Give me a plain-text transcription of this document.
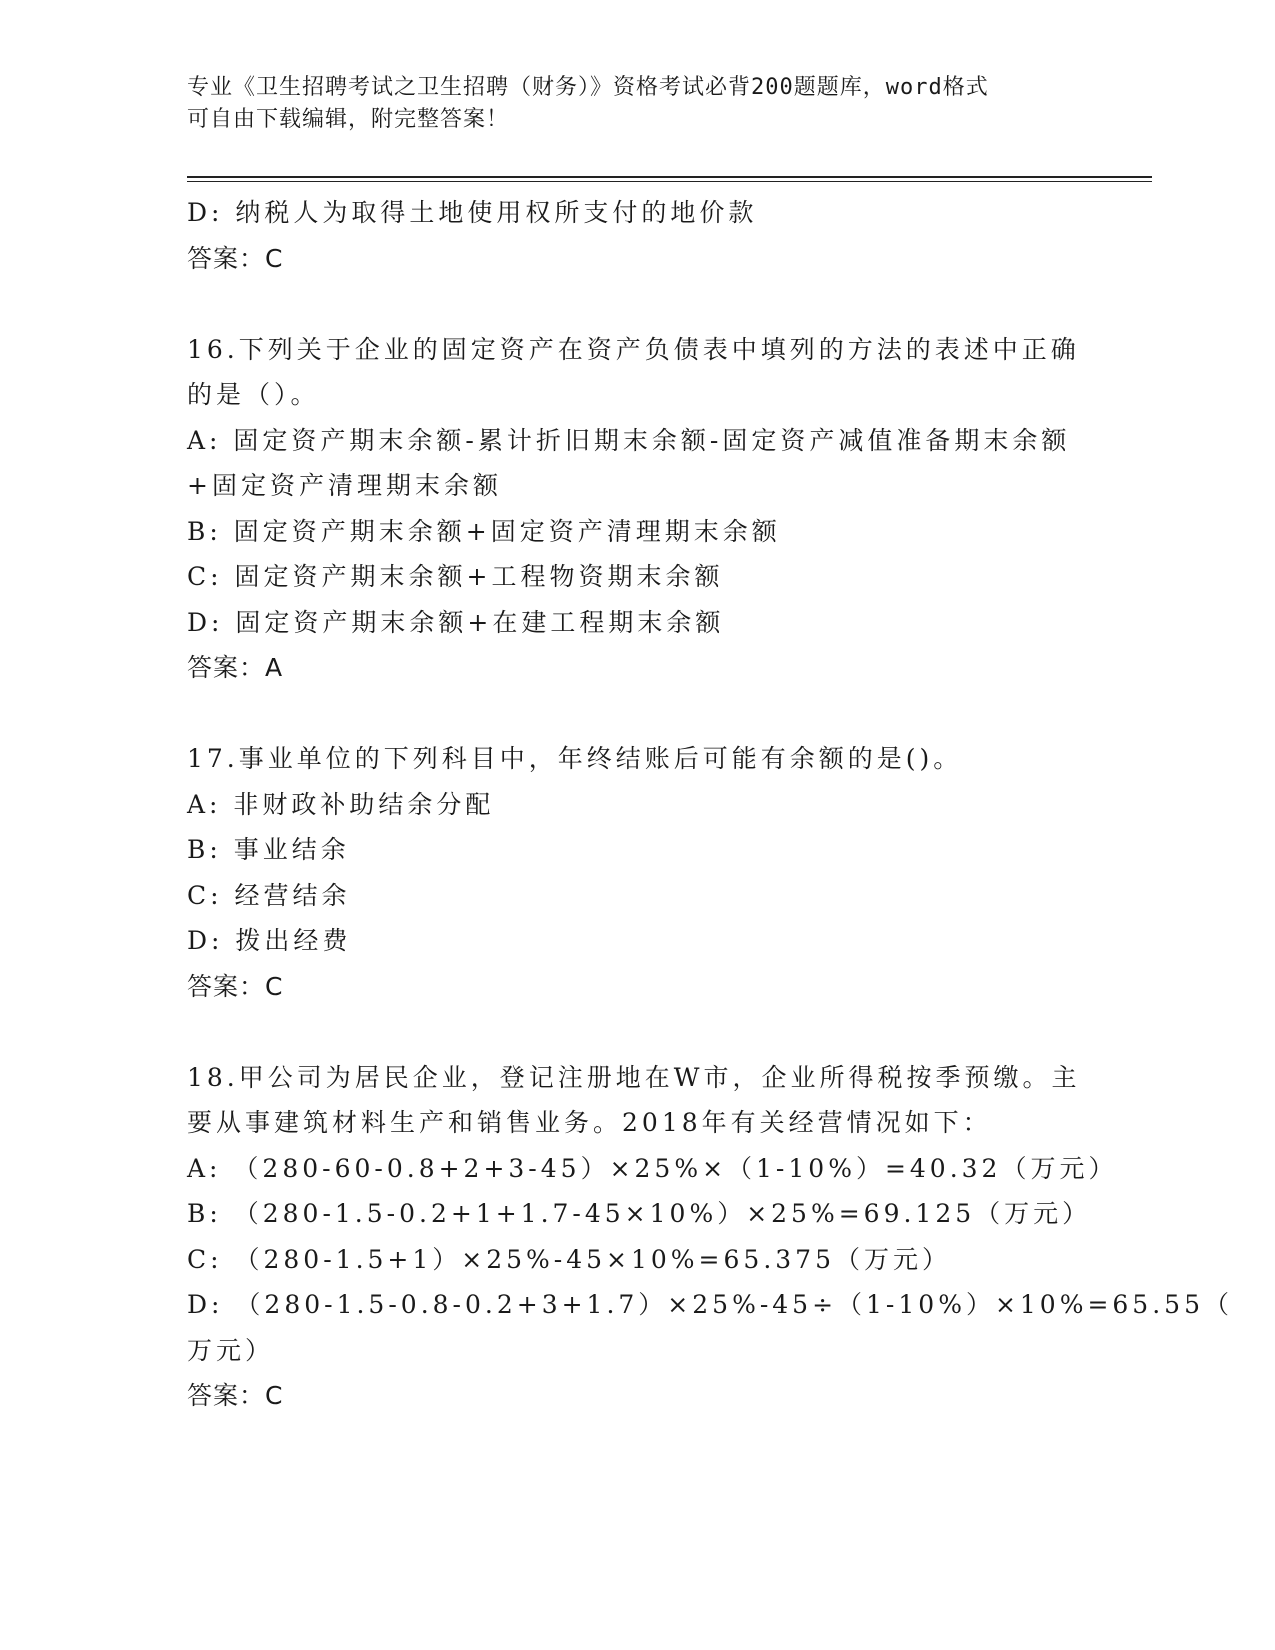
专业《卫生招聘考试之卫生招聘（财务）》资格考试必背200题题库，word格式
可自由下载编辑，附完整答案！
D: 纳税人为取得土地使用权所支付的地价款
答案：C
16.下列关于企业的固定资产在资产负债表中填列的方法的表述中正确
的是（）。
A: 固定资产期末余额-累计折旧期末余额-固定资产减值准备期末余额
+固定资产清理期末余额
B: 固定资产期末余额+固定资产清理期末余额
C: 固定资产期末余额+工程物资期末余额
D: 固定资产期末余额+在建工程期末余额
答案：A
17.事业单位的下列科目中，年终结账后可能有余额的是()。
A: 非财政补助结余分配
B: 事业结余
C: 经营结余
D: 拨出经费
答案：C
18.甲公司为居民企业，登记注册地在W市，企业所得税按季预缴。主
要从事建筑材料生产和销售业务。2018年有关经营情况如下：
A: （280-60-0.8+2+3-45）×25%×（1-10%）=40.32（万元）
B: （280-1.5-0.2+1+1.7-45×10%）×25%=69.125（万元）
C: （280-1.5+1）×25%-45×10%=65.375（万元）
D: （280-1.5-0.8-0.2+3+1.7）×25%-45÷（1-10%）×10%=65.55（
万元）
答案：C
